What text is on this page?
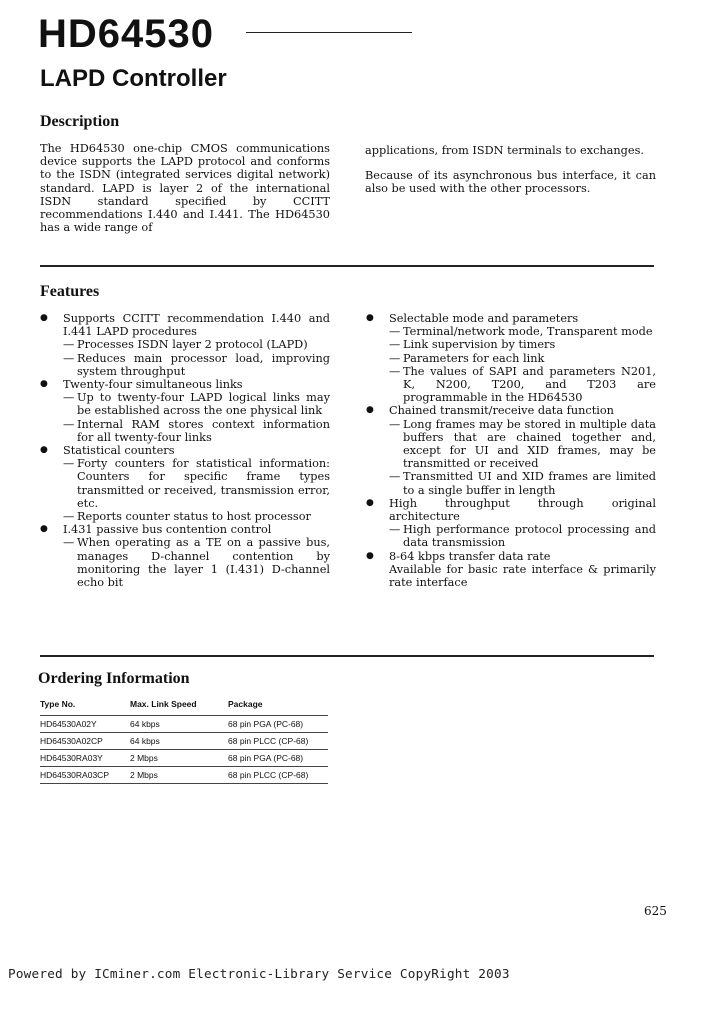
HD64530
LAPD Controller
Description

The HD64530 one-chip CMOS communications device supports the LAPD protocol and conforms to the ISDN (integrated services digital network) standard. LAPD is layer 2 of the international ISDN standard specified by CCITT recommendations I.440 and I.441. The HD64530 has a wide range of

applications, from ISDN terminals to exchanges.

Because of its asynchronous bus interface, it can also be used with the other processors.

Features
● Supports CCITT recommendation I.440 and I.441 LAPD procedures
— Processes ISDN layer 2 protocol (LAPD)
— Reduces main processor load, improving system throughput
● Twenty-four simultaneous links
— Up to twenty-four LAPD logical links may be established across the one physical link
— Internal RAM stores context information for all twenty-four links
● Statistical counters
— Forty counters for statistical information: Counters for specific frame types transmitted or received, transmission error, etc.
— Reports counter status to host processor
● I.431 passive bus contention control
— When operating as a TE on a passive bus, manages D-channel contention by monitoring the layer 1 (I.431) D-channel echo bit
● Selectable mode and parameters
— Terminal/network mode, Transparent mode
— Link supervision by timers
— Parameters for each link
— The values of SAPI and parameters N201, K, N200, T200, and T203 are programmable in the HD64530
● Chained transmit/receive data function
— Long frames may be stored in multiple data buffers that are chained together and, except for UI and XID frames, may be transmitted or received
— Transmitted UI and XID frames are limited to a single buffer in length
● High throughput through original architecture
— High performance protocol processing and data transmission
● 8-64 kbps transfer data rate
Available for basic rate interface & primarily rate interface
Ordering Information
Type No.	Max. Link Speed	Package
HD64530A02Y	64 kbps	68 pin PGA (PC-68)
HD64530A02CP	64 kbps	68 pin PLCC (CP-68)
HD64530RA03Y	2 Mbps	68 pin PGA (PC-68)
HD64530RA03CP	2 Mbps	68 pin PLCC (CP-68)
625
Powered by ICminer.com Electronic-Library Service CopyRight 2003
